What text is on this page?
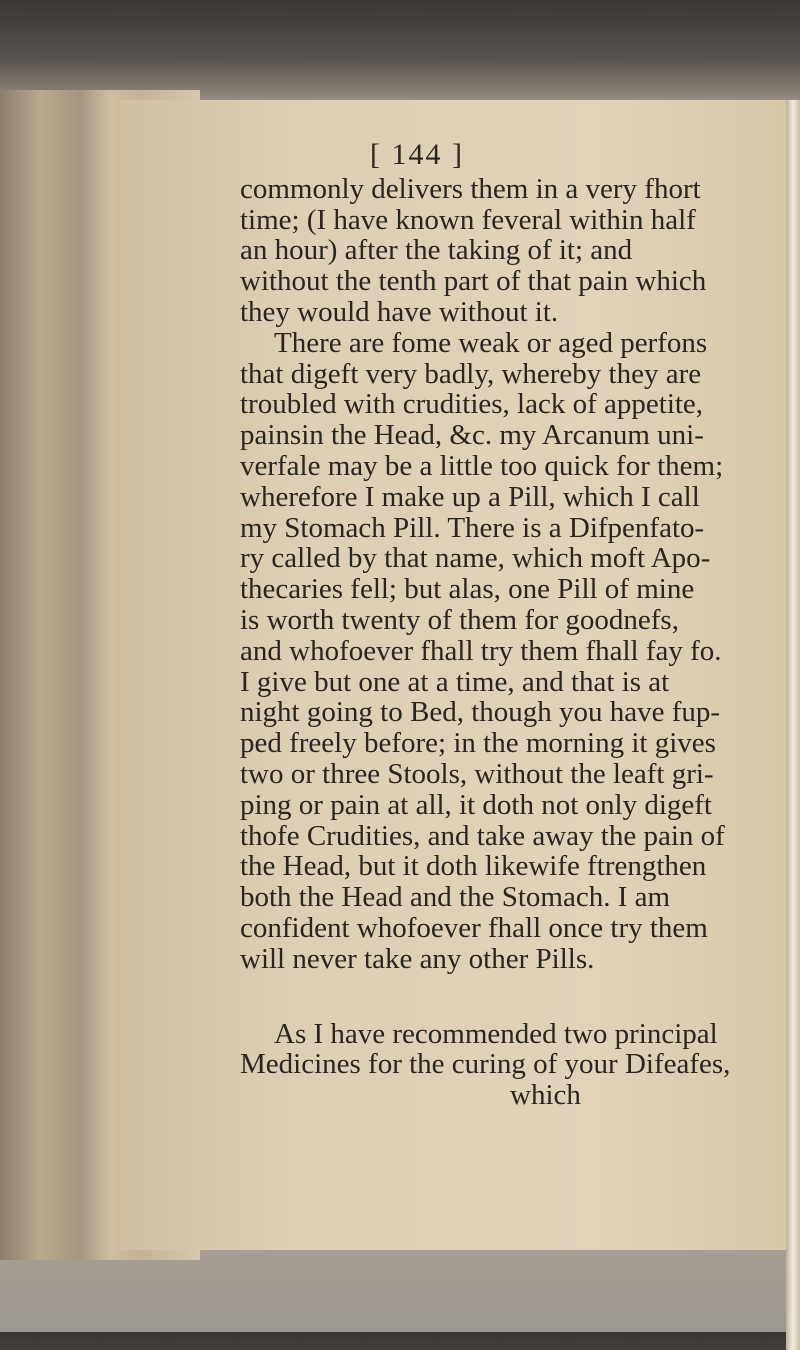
[ 144 ]
commonly delivers them in a very fhort
time; (I have known feveral within half
an hour) after the taking of it; and
without the tenth part of that pain which
they would have without it.
There are fome weak or aged perfons
that digeft very badly, whereby they are
troubled with crudities, lack of appetite,
painsin the Head, &c. my Arcanum uni-
verfale may be a little too quick for them;
wherefore I make up a Pill, which I call
my Stomach Pill. There is a Difpenfato-
ry called by that name, which moft Apo-
thecaries fell; but alas, one Pill of mine
is worth twenty of them for goodnefs,
and whofoever fhall try them fhall fay fo.
I give but one at a time, and that is at
night going to Bed, though you have fup-
ped freely before; in the morning it gives
two or three Stools, without the leaft gri-
ping or pain at all, it doth not only digeft
thofe Crudities, and take away the pain of
the Head, but it doth likewife ftrengthen
both the Head and the Stomach. I am
confident whofoever fhall once try them
will never take any other Pills.
As I have recommended two principal
Medicines for the curing of your Difeafes,
which
